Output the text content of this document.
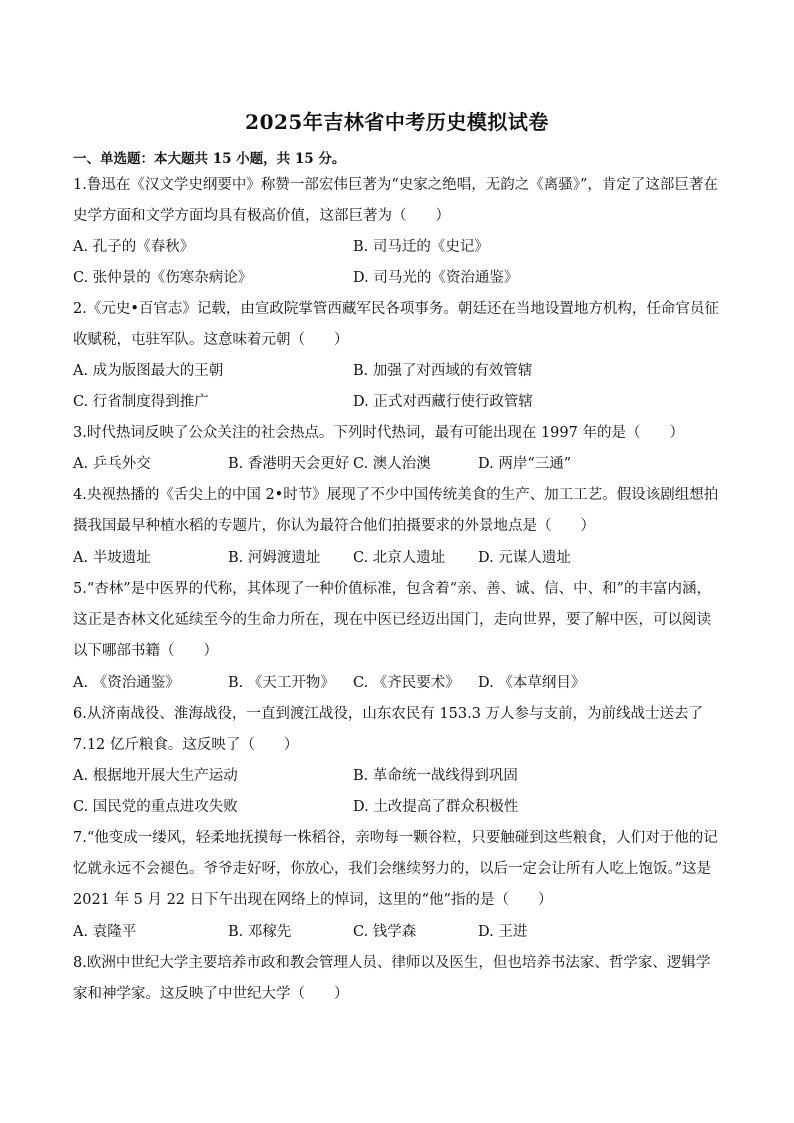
2025年吉林省中考历史模拟试卷
一、单选题：本大题共 15 小题，共 15 分。
1.鲁迅在《汉文学史纲要中》称赞一部宏伟巨著为“史家之绝唱，无韵之《离骚》”，肯定了这部巨著在史学方面和文学方面均具有极高价值，这部巨著为（　　）
A. 孔子的《春秋》	B. 司马迁的《史记》
C. 张仲景的《伤寒杂病论》	D. 司马光的《资治通鉴》
2.《元史•百官志》记载，由宣政院掌管西藏军民各项事务。朝廷还在当地设置地方机构，任命官员征收赋税，屯驻军队。这意味着元朝（　　）
A. 成为版图最大的王朝	B. 加强了对西域的有效管辖
C. 行省制度得到推广	D. 正式对西藏行使行政管辖
3.时代热词反映了公众关注的社会热点。下列时代热词，最有可能出现在 1997 年的是（　　）
A. 乒乓外交	B. 香港明天会更好 C. 澳人治澳	D. 两岸“三通”
4.央视热播的《舌尖上的中国 2•时节》展现了不少中国传统美食的生产、加工工艺。假设该剧组想拍摄我国最早种植水稻的专题片，你认为最符合他们拍摄要求的外景地点是（　　）
A. 半坡遗址	B. 河姆渡遗址 C. 北京人遗址 D. 元谋人遗址
5.“杏林”是中医界的代称，其体现了一种价值标准，包含着“亲、善、诚、信、中、和”的丰富内涵，这正是杏林文化延续至今的生命力所在，现在中医已经迈出国门，走向世界，要了解中医，可以阅读以下哪部书籍（　　）
A. 《资治通鉴》	B. 《天工开物》 C. 《齐民要术》 D. 《本草纲目》
6.从济南战役、淮海战役，一直到渡江战役，山东农民有 153.3 万人参与支前，为前线战士送去了 7.12 亿斤粮食。这反映了（　　）
A. 根据地开展大生产运动	B. 革命统一战线得到巩固
C. 国民党的重点进攻失败	D. 土改提高了群众积极性
7.“他变成一缕风，轻柔地抚摸每一株稻谷，亲吻每一颗谷粒，只要触碰到这些粮食，人们对于他的记忆就永远不会褪色。爷爷走好呀，你放心，我们会继续努力的，以后一定会让所有人吃上饱饭。”这是 2021 年 5 月 22 日下午出现在网络上的悼词，这里的“他”指的是（　　）
A. 袁隆平	B. 邓稼先	C. 钱学森	D. 王进
8.欧洲中世纪大学主要培养市政和教会管理人员、律师以及医生，但也培养书法家、哲学家、逻辑学家和神学家。这反映了中世纪大学（　　）
